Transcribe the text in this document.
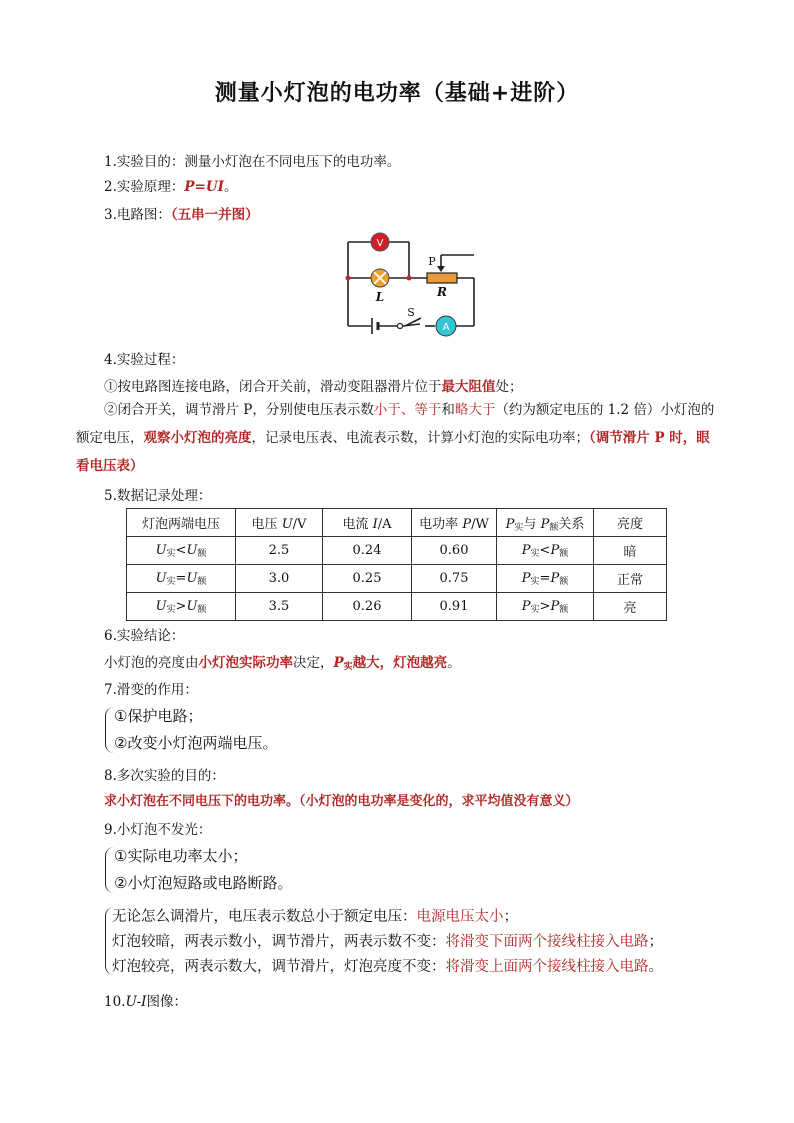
测量小灯泡的电功率（基础+进阶）
1.实验目的：测量小灯泡在不同电压下的电功率。
2.实验原理：P=UI。
3.电路图：（五串一并图）
V
A
L
P
R
S
4.实验过程：
①按电路图连接电路，闭合开关前，滑动变阻器滑片位于最大阻值处；
②闭合开关，调节滑片 P，分别使电压表示数小于、等于和略大于（约为额定电压的 1.2 倍）小灯泡的额定电压，观察小灯泡的亮度，记录电压表、电流表示数，计算小灯泡的实际电功率；（调节滑片 P 时，眼看电压表）
5.数据记录处理：
灯泡两端电压	电压 U/V	电流 I/A	电功率 P/W	$P_实$与 $P_额$关系	亮度
$U_实<U_额$	2.5	0.24	0.60	$P_实<P_额$	暗
$U_实=U_额$	3.0	0.25	0.75	$P_实=P_额$	正常
$U_实>U_额$	3.5	0.26	0.91	$P_实>P_额$	亮
6.实验结论：
小灯泡的亮度由小灯泡实际功率决定，$P_实$越大，灯泡越亮。
7.滑变的作用：
①保护电路；
②改变小灯泡两端电压。
8.多次实验的目的：
求小灯泡在不同电压下的电功率。（小灯泡的电功率是变化的，求平均值没有意义）
9.小灯泡不发光：
①实际电功率太小；
②小灯泡短路或电路断路。
无论怎么调滑片，电压表示数总小于额定电压：电源电压太小；
灯泡较暗，两表示数小，调节滑片，两表示数不变：将滑变下面两个接线柱接入电路；
灯泡较亮，两表示数大，调节滑片，灯泡亮度不变：将滑变上面两个接线柱接入电路。
10.U-I图像：
